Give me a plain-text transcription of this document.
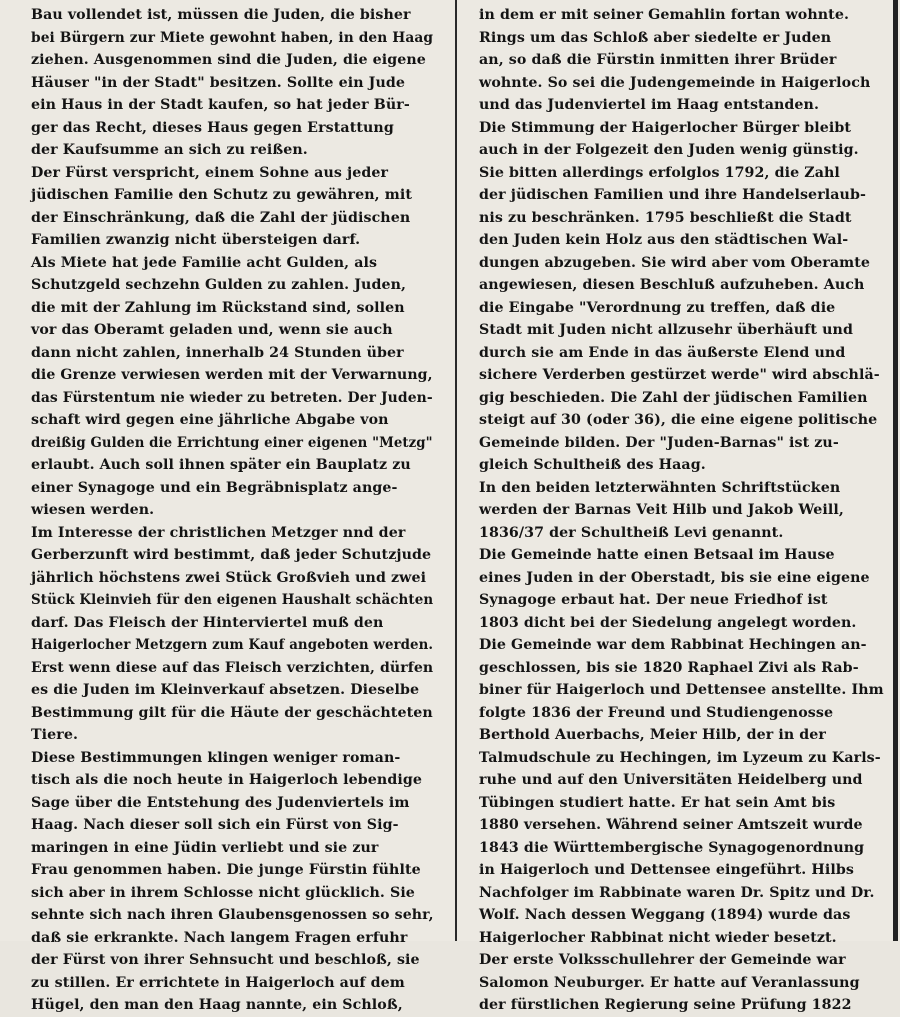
Bau vollendet ist, müssen die Juden, die bisher
bei Bürgern zur Miete gewohnt haben, in den Haag
ziehen. Ausgenommen sind die Juden, die eigene
Häuser "in der Stadt" besitzen. Sollte ein Jude
ein Haus in der Stadt kaufen, so hat jeder Bür-
ger das Recht, dieses Haus gegen Erstattung
der Kaufsumme an sich zu reißen.
Der Fürst verspricht, einem Sohne aus jeder
jüdischen Familie den Schutz zu gewähren, mit
der Einschränkung, daß die Zahl der jüdischen
Familien zwanzig nicht übersteigen darf.
Als Miete hat jede Familie acht Gulden, als
Schutzgeld sechzehn Gulden zu zahlen. Juden,
die mit der Zahlung im Rückstand sind, sollen
vor das Oberamt geladen und, wenn sie auch
dann nicht zahlen, innerhalb 24 Stunden über
die Grenze verwiesen werden mit der Verwarnung,
das Fürstentum nie wieder zu betreten. Der Juden-
schaft wird gegen eine jährliche Abgabe von
dreißig Gulden die Errichtung einer eigenen "Metzg"
erlaubt. Auch soll ihnen später ein Bauplatz zu
einer Synagoge und ein Begräbnisplatz ange-
wiesen werden.
Im Interesse der christlichen Metzger nnd der
Gerberzunft wird bestimmt, daß jeder Schutzjude
jährlich höchstens zwei Stück Großvieh und zwei
Stück Kleinvieh für den eigenen Haushalt schächten
darf. Das Fleisch der Hinterviertel muß den
Haigerlocher Metzgern zum Kauf angeboten werden.
Erst wenn diese auf das Fleisch verzichten, dürfen
es die Juden im Kleinverkauf absetzen. Dieselbe
Bestimmung gilt für die Häute der geschächteten
Tiere.
Diese Bestimmungen klingen weniger roman-
tisch als die noch heute in Haigerloch lebendige
Sage über die Entstehung des Judenviertels im
Haag. Nach dieser soll sich ein Fürst von Sig-
maringen in eine Jüdin verliebt und sie zur
Frau genommen haben. Die junge Fürstin fühlte
sich aber in ihrem Schlosse nicht glücklich. Sie
sehnte sich nach ihren Glaubensgenossen so sehr,
daß sie erkrankte. Nach langem Fragen erfuhr
der Fürst von ihrer Sehnsucht und beschloß, sie
zu stillen. Er errichtete in Haigerloch auf dem
Hügel, den man den Haag nannte, ein Schloß,
in dem er mit seiner Gemahlin fortan wohnte.
Rings um das Schloß aber siedelte er Juden
an, so daß die Fürstin inmitten ihrer Brüder
wohnte. So sei die Judengemeinde in Haigerloch
und das Judenviertel im Haag entstanden.
Die Stimmung der Haigerlocher Bürger bleibt
auch in der Folgezeit den Juden wenig günstig.
Sie bitten allerdings erfolglos 1792, die Zahl
der jüdischen Familien und ihre Handelserlaub-
nis zu beschränken. 1795 beschließt die Stadt
den Juden kein Holz aus den städtischen Wal-
dungen abzugeben. Sie wird aber vom Oberamte
angewiesen, diesen Beschluß aufzuheben. Auch
die Eingabe "Verordnung zu treffen, daß die
Stadt mit Juden nicht allzusehr überhäuft und
durch sie am Ende in das äußerste Elend und
sichere Verderben gestürzet werde" wird abschlä-
gig beschieden. Die Zahl der jüdischen Familien
steigt auf 30 (oder 36), die eine eigene politische
Gemeinde bilden. Der "Juden-Barnas" ist zu-
gleich Schultheiß des Haag.
In den beiden letzterwähnten Schriftstücken
werden der Barnas Veit Hilb und Jakob Weill,
1836/37 der Schultheiß Levi genannt.
Die Gemeinde hatte einen Betsaal im Hause
eines Juden in der Oberstadt, bis sie eine eigene
Synagoge erbaut hat. Der neue Friedhof ist
1803 dicht bei der Siedelung angelegt worden.
Die Gemeinde war dem Rabbinat Hechingen an-
geschlossen, bis sie 1820 Raphael Zivi als Rab-
biner für Haigerloch und Dettensee anstellte. Ihm
folgte 1836 der Freund und Studiengenosse
Berthold Auerbachs, Meier Hilb, der in der
Talmudschule zu Hechingen, im Lyzeum zu Karls-
ruhe und auf den Universitäten Heidelberg und
Tübingen studiert hatte. Er hat sein Amt bis
1880 versehen. Während seiner Amtszeit wurde
1843 die Württembergische Synagogenordnung
in Haigerloch und Dettensee eingeführt. Hilbs
Nachfolger im Rabbinate waren Dr. Spitz und Dr.
Wolf. Nach dessen Weggang (1894) wurde das
Haigerlocher Rabbinat nicht wieder besetzt.
Der erste Volksschullehrer der Gemeinde war
Salomon Neuburger. Er hatte auf Veranlassung
der fürstlichen Regierung seine Prüfung 1822
